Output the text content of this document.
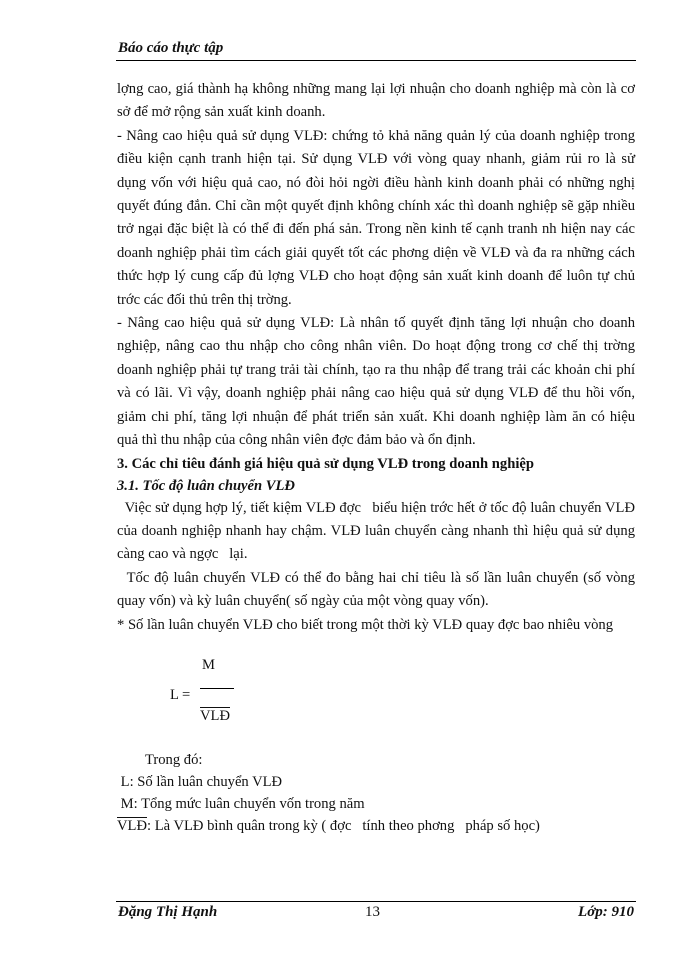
Báo cáo thực tập

lợng cao, giá thành hạ không những mang lại lợi nhuận cho doanh nghiệp mà còn là cơ sở để mở rộng sản xuất kinh doanh.

- Nâng cao hiệu quả sử dụng VLĐ: chứng tỏ khả năng quản lý của doanh nghiệp trong điều kiện cạnh tranh hiện tại. Sử dụng VLĐ với vòng quay nhanh, giảm rủi ro là sử dụng vốn với hiệu quả cao, nó đòi hỏi ngời điều hành kinh doanh phải có những nghị quyết đúng đắn. Chỉ cần một quyết định không chính xác thì doanh nghiệp sẽ gặp nhiều trở ngại đặc biệt là có thể đi đến phá sản. Trong nền kinh tế cạnh tranh nh hiện nay các doanh nghiệp phải tìm cách giải quyết tốt các phơng diện về VLĐ và đa ra những cách thức hợp lý cung cấp đủ lợng VLĐ cho hoạt động sản xuất kinh doanh để luôn tự chủ trớc các đối thủ trên thị trờng.

- Nâng cao hiệu quả sử dụng VLĐ: Là nhân tố quyết định tăng lợi nhuận cho doanh nghiệp, nâng cao thu nhập cho công nhân viên. Do hoạt động trong cơ chế thị trờng doanh nghiệp phải tự trang trải tài chính, tạo ra thu nhập để trang trải các khoản chi phí và có lãi. Vì vậy, doanh nghiệp phải nâng cao hiệu quả sử dụng VLĐ để thu hồi vốn, giảm chi phí, tăng lợi nhuận để phát triển sản xuất. Khi doanh nghiệp làm ăn có hiệu quả thì thu nhập của công nhân viên đợc đảm bảo và ổn định.

3. Các chỉ tiêu đánh giá hiệu quả sử dụng VLĐ trong doanh nghiệp

3.1. Tốc độ luân chuyển VLĐ

Việc sử dụng hợp lý, tiết kiệm VLĐ đợc   biểu hiện trớc hết ở tốc độ luân chuyển VLĐ của doanh nghiệp nhanh hay chậm. VLĐ luân chuyển càng nhanh thì hiệu quả sử dụng càng cao và ngợc   lại.

Tốc độ luân chuyển VLĐ có thể đo bằng hai chỉ tiêu là số lần luân chuyển (số vòng quay vốn) và kỳ luân chuyển( số ngày của một vòng quay vốn).

* Số lần luân chuyển VLĐ cho biết trong một thời kỳ VLĐ quay đợc bao nhiêu vòng

L =
M
$\overline{VLĐ}$

Trong đó:

L: Số lần luân chuyển VLĐ

M: Tổng mức luân chuyển vốn trong năm

$\overline{VLĐ}$: Là VLĐ bình quân trong kỳ ( đợc   tính theo phơng   pháp số học)

Đặng Thị Hạnh	13	Lớp: 910
